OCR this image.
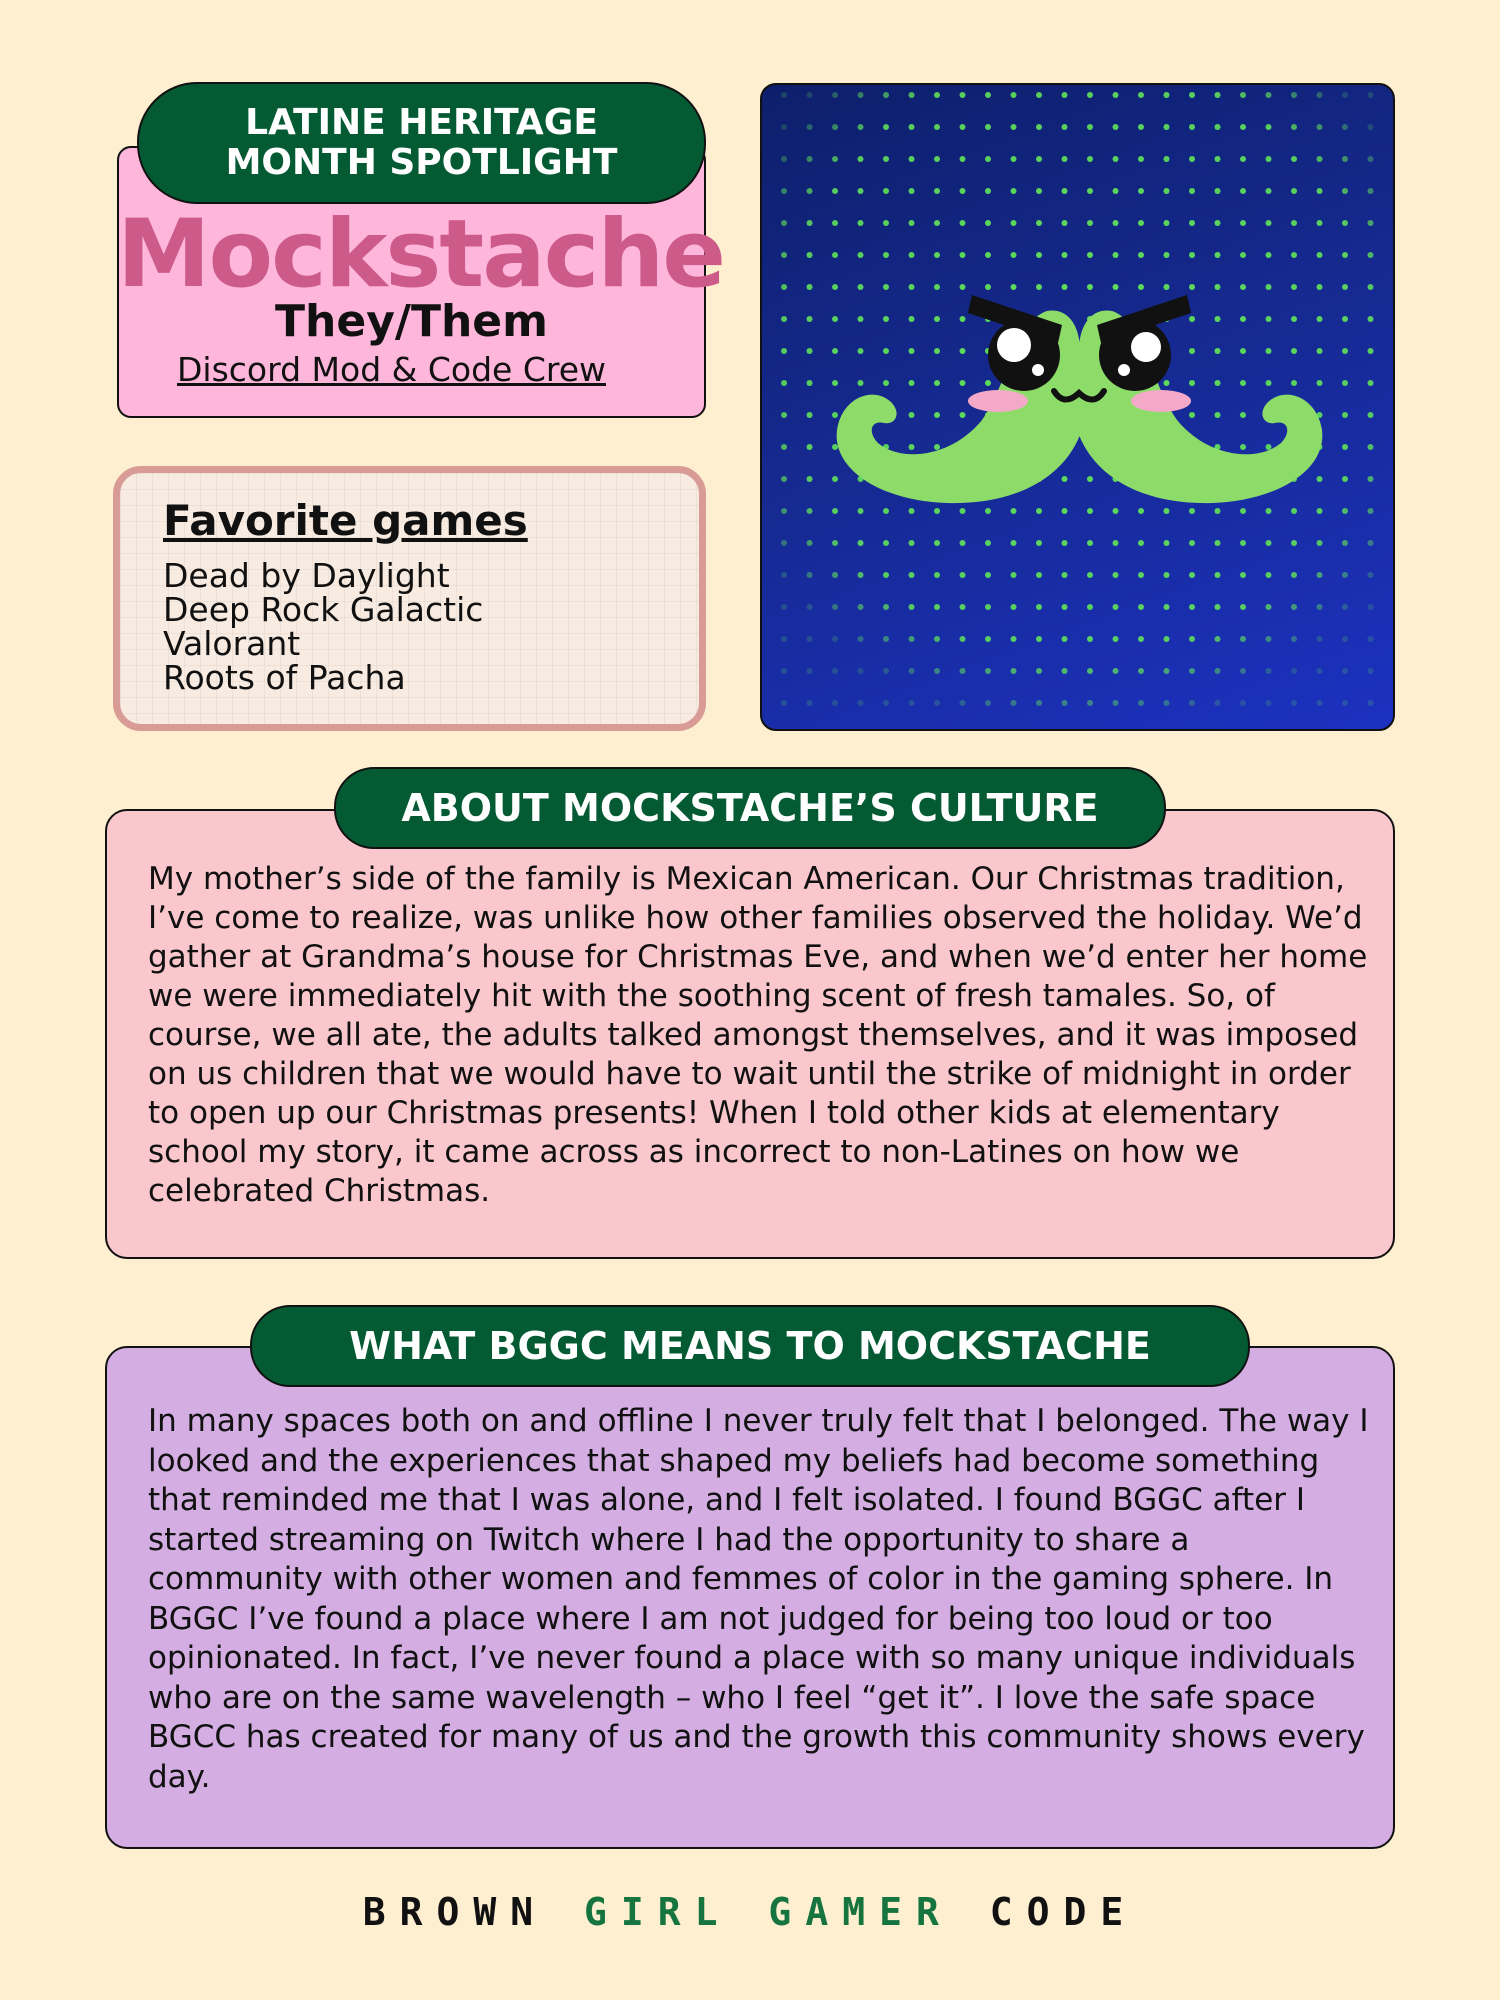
LATINE HERITAGE MONTH SPOTLIGHT
Mockstache
They/Them
Discord Mod & Code Crew
Favorite games
Dead by Daylight
Deep Rock Galactic
Valorant
Roots of Pacha
ABOUT MOCKSTACHE’S CULTURE

My mother’s side of the family is Mexican American. Our Christmas tradition, I’ve come to realize, was unlike how other families observed the holiday. We’d gather at Grandma’s house for Christmas Eve, and when we’d enter her home we were immediately hit with the soothing scent of fresh tamales. So, of course, we all ate, the adults talked amongst themselves, and it was imposed on us children that we would have to wait until the strike of midnight in order to open up our Christmas presents! When I told other kids at elementary school my story, it came across as incorrect to non-Latines on how we celebrated Christmas.

WHAT BGGC MEANS TO MOCKSTACHE

In many spaces both on and offline I never truly felt that I belonged. The way I looked and the experiences that shaped my beliefs had become something that reminded me that I was alone, and I felt isolated. I found BGGC after I started streaming on Twitch where I had the opportunity to share a community with other women and femmes of color in the gaming sphere. In BGGC I’ve found a place where I am not judged for being too loud or too opinionated. In fact, I’ve never found a place with so many unique individuals who are on the same wavelength – who I feel “get it”. I love the safe space BGCC has created for many of us and the growth this community shows every day.

BROWN GIRL GAMER CODE
